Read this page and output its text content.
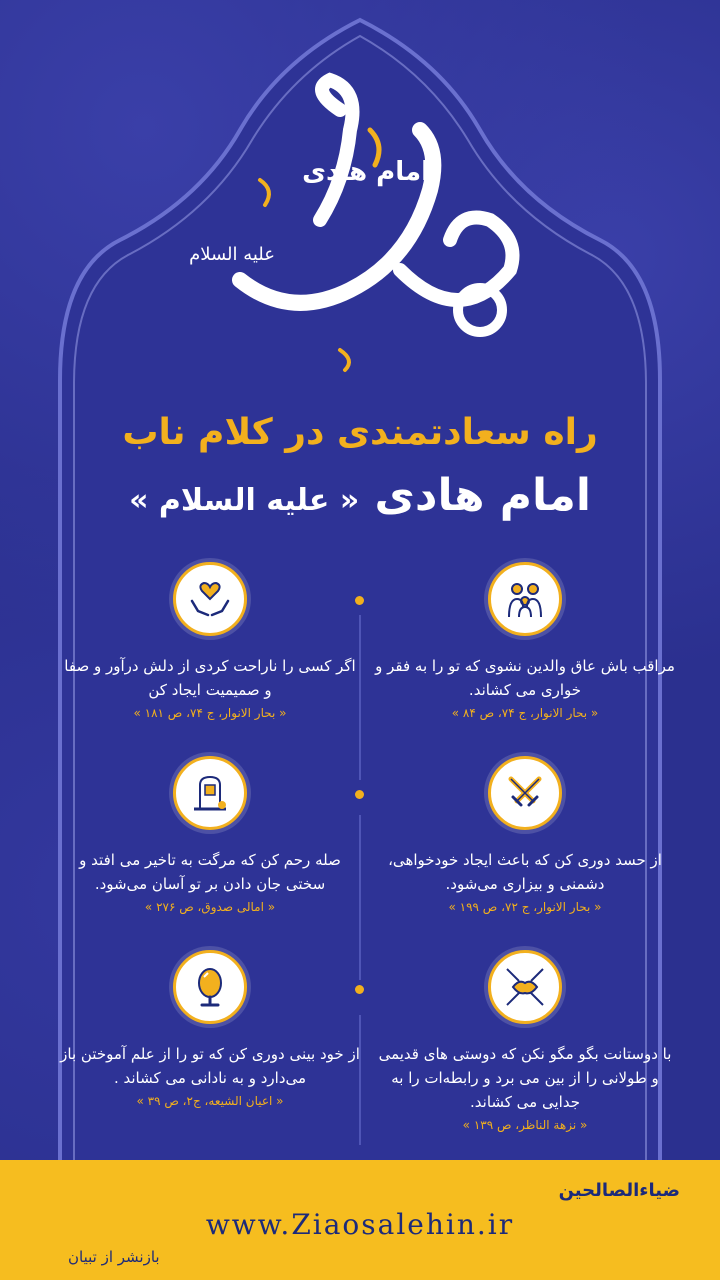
علیه السلام
امام هادی
راه سعادتمندی در کلام ناب
امام هادی « علیه السلام »
مراقب باش عاق والدین نشوی که تو را به فقر و خواری می کشاند.
« بحار الانوار، ج ۷۴، ص ۸۴ »
اگر کسی را ناراحت کردی از دلش درآور و صفا و صمیمیت ایجاد کن
« بحار الانوار، ج ۷۴، ص ۱۸۱ »
از حسد دوری کن که باعث ایجاد خودخواهی، دشمنی و بیزاری می‌شود.
« بحار الانوار، ج ۷۲، ص ۱۹۹ »
صله رحم کن که مرگت به تاخیر می افتد و سختی جان دادن بر تو آسان می‌شود.
« امالی صدوق، ص ۲۷۶ »
با دوستانت بگو مگو نکن که دوستی های قدیمی و طولانی را از بین می برد و رابطه‌ات را به جدایی می کشاند.
« نزهة الناظر، ص ۱۳۹ »
از خود بینی دوری کن که تو را از علم آموختن باز می‌دارد و به نادانی می کشاند .
« اعیان الشیعه، ج۲، ص ۳۹ »
ضیاءالصالحین
www.Ziaosalehin.ir
بازنشر از تبیان
